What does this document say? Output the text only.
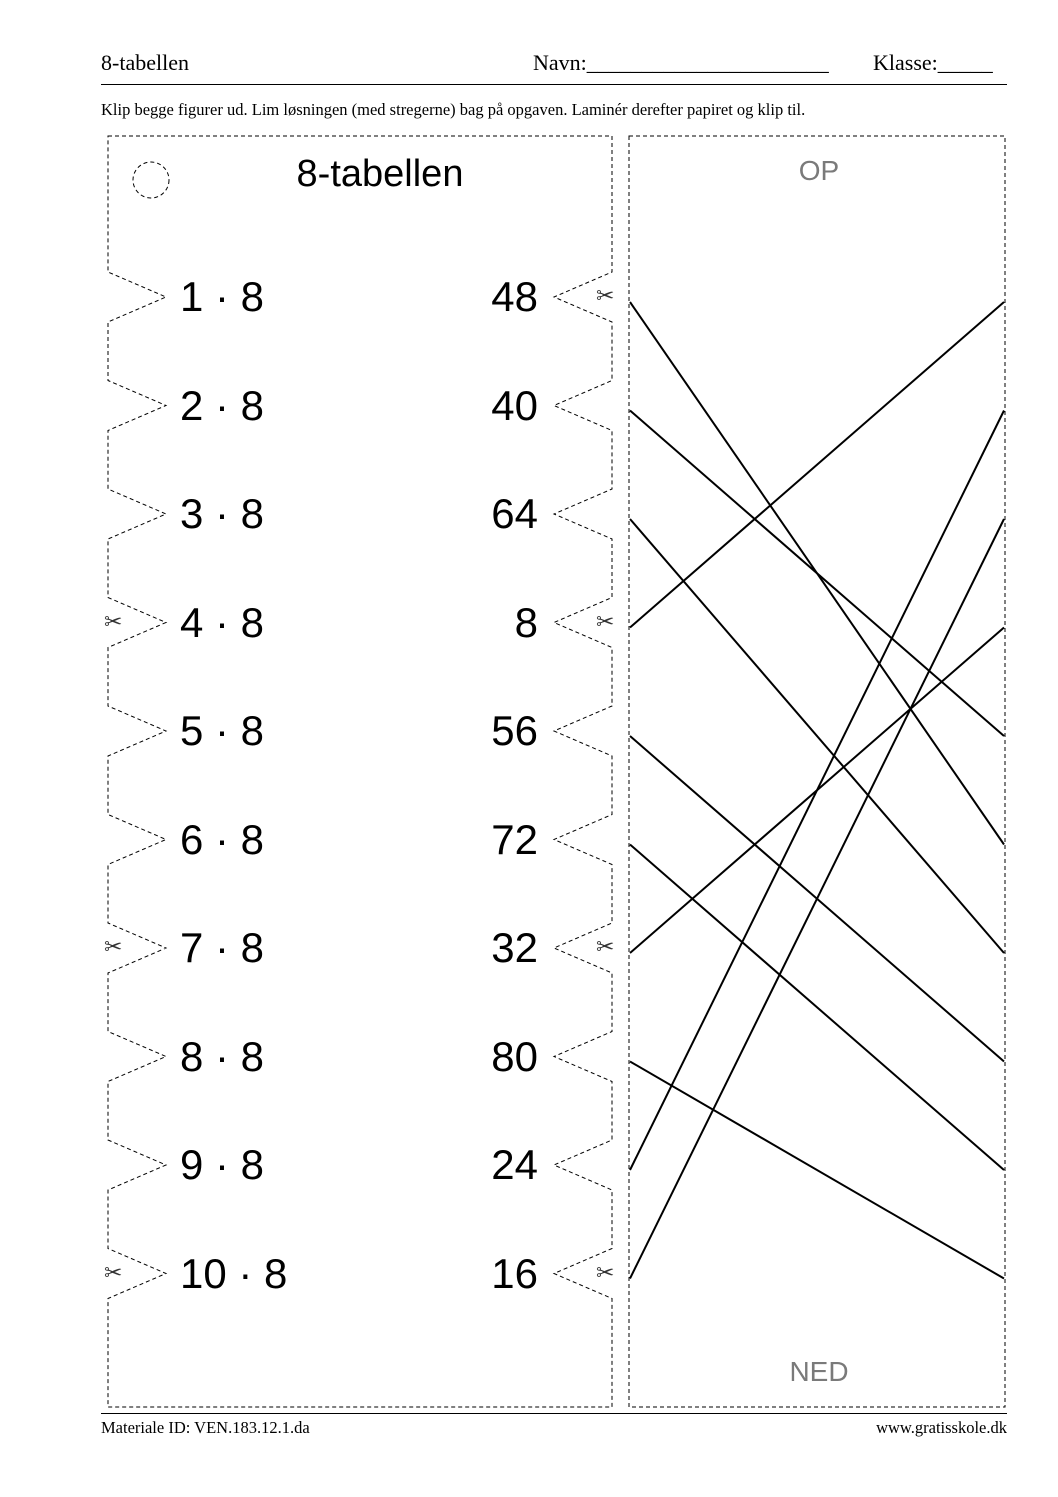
8-tabellen	Navn:______________________ Klasse:_____
Klip begge figurer ud. Lim løsningen (med stregerne) bag på opgaven. Laminér derefter papiret og klip til.
8-tabellen
1 · 8	48	✂
2 · 8	40
3 · 8	64
4 · 8	8	✂
✂
5 · 8	56
6 · 8	72
7 · 8	32	✂
✂
8 · 8	80
9 · 8	24
10 · 8	16	✂
✂
OP
NED
Materiale ID: VEN.183.12.1.da	www.gratisskole.dk
